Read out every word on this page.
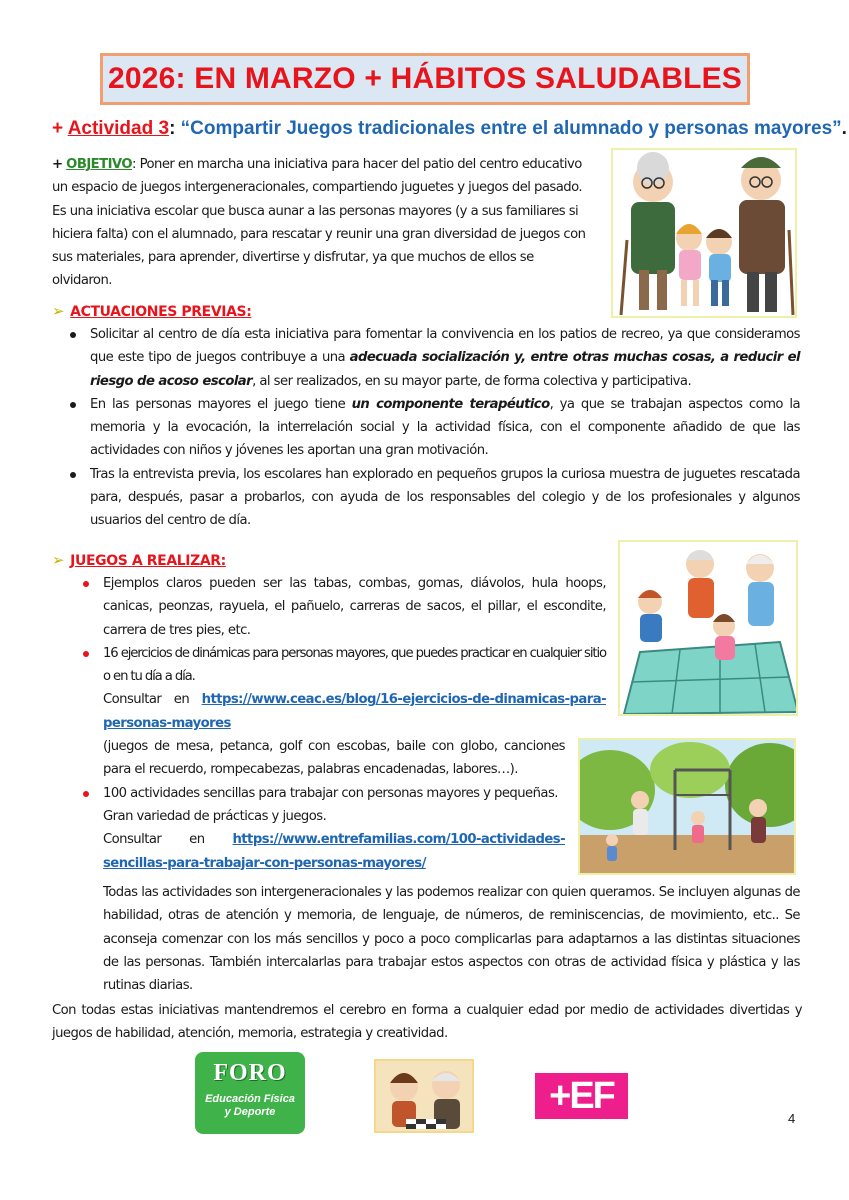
2026: EN MARZO + HÁBITOS SALUDABLES
+ Actividad 3: “Compartir Juegos tradicionales entre el alumnado y personas mayores”.

+ OBJETIVO: Poner en marcha una iniciativa para hacer del patio del centro educativo un espacio de juegos intergeneracionales, compartiendo juguetes y juegos del pasado. Es una iniciativa escolar que busca aunar a las personas mayores (y a sus familiares si hiciera falta) con el alumnado, para rescatar y reunir una gran diversidad de juegos con sus materiales, para aprender, divertirse y disfrutar, ya que muchos de ellos se olvidaron.

➢ ACTUACIONES PREVIAS:
Solicitar al centro de día esta iniciativa para fomentar la convivencia en los patios de recreo, ya que consideramos que este tipo de juegos contribuye a una adecuada socialización y, entre otras muchas cosas, a reducir el riesgo de acoso escolar, al ser realizados, en su mayor parte, de forma colectiva y participativa.
En las personas mayores el juego tiene un componente terapéutico, ya que se trabajan aspectos como la memoria y la evocación, la interrelación social y la actividad física, con el componente añadido de que las actividades con niños y jóvenes les aportan una gran motivación.
Tras la entrevista previa, los escolares han explorado en pequeños grupos la curiosa muestra de juguetes rescatada para, después, pasar a probarlos, con ayuda de los responsables del colegio y de los profesionales y algunos usuarios del centro de día.
➢ JUEGOS A REALIZAR:
Ejemplos claros pueden ser las tabas, combas, gomas, diávolos, hula hoops, canicas, peonzas, rayuela, el pañuelo, carreras de sacos, el pillar, el escondite, carrera de tres pies, etc.
16 ejercicios de dinámicas para personas mayores, que puedes practicar en cualquier sitio o en tu día a día.
Consultar en https://www.ceac.es/blog/16-ejercicios-de-dinamicas-para-personas-mayores
(juegos de mesa, petanca, golf con escobas, baile con globo, canciones para el recuerdo, rompecabezas, palabras encadenadas, labores…).
100 actividades sencillas para trabajar con personas mayores y pequeñas.
Gran variedad de prácticas y juegos.
Consultar en https://www.entrefamilias.com/100-actividades-sencillas-para-trabajar-con-personas-mayores/

Todas las actividades son intergeneracionales y las podemos realizar con quien queramos. Se incluyen algunas de habilidad, otras de atención y memoria, de lenguaje, de números, de reminiscencias, de movimiento, etc.. Se aconseja comenzar con los más sencillos y poco a poco complicarlas para adaptarnos a las distintas situaciones de las personas. También intercalarlas para trabajar estos aspectos con otras de actividad física y plástica y las rutinas diarias.

Con todas estas iniciativas mantendremos el cerebro en forma a cualquier edad por medio de actividades divertidas y juegos de habilidad, atención, memoria, estrategia y creatividad.

FORO
Educación Física
y Deporte	+EF
4
